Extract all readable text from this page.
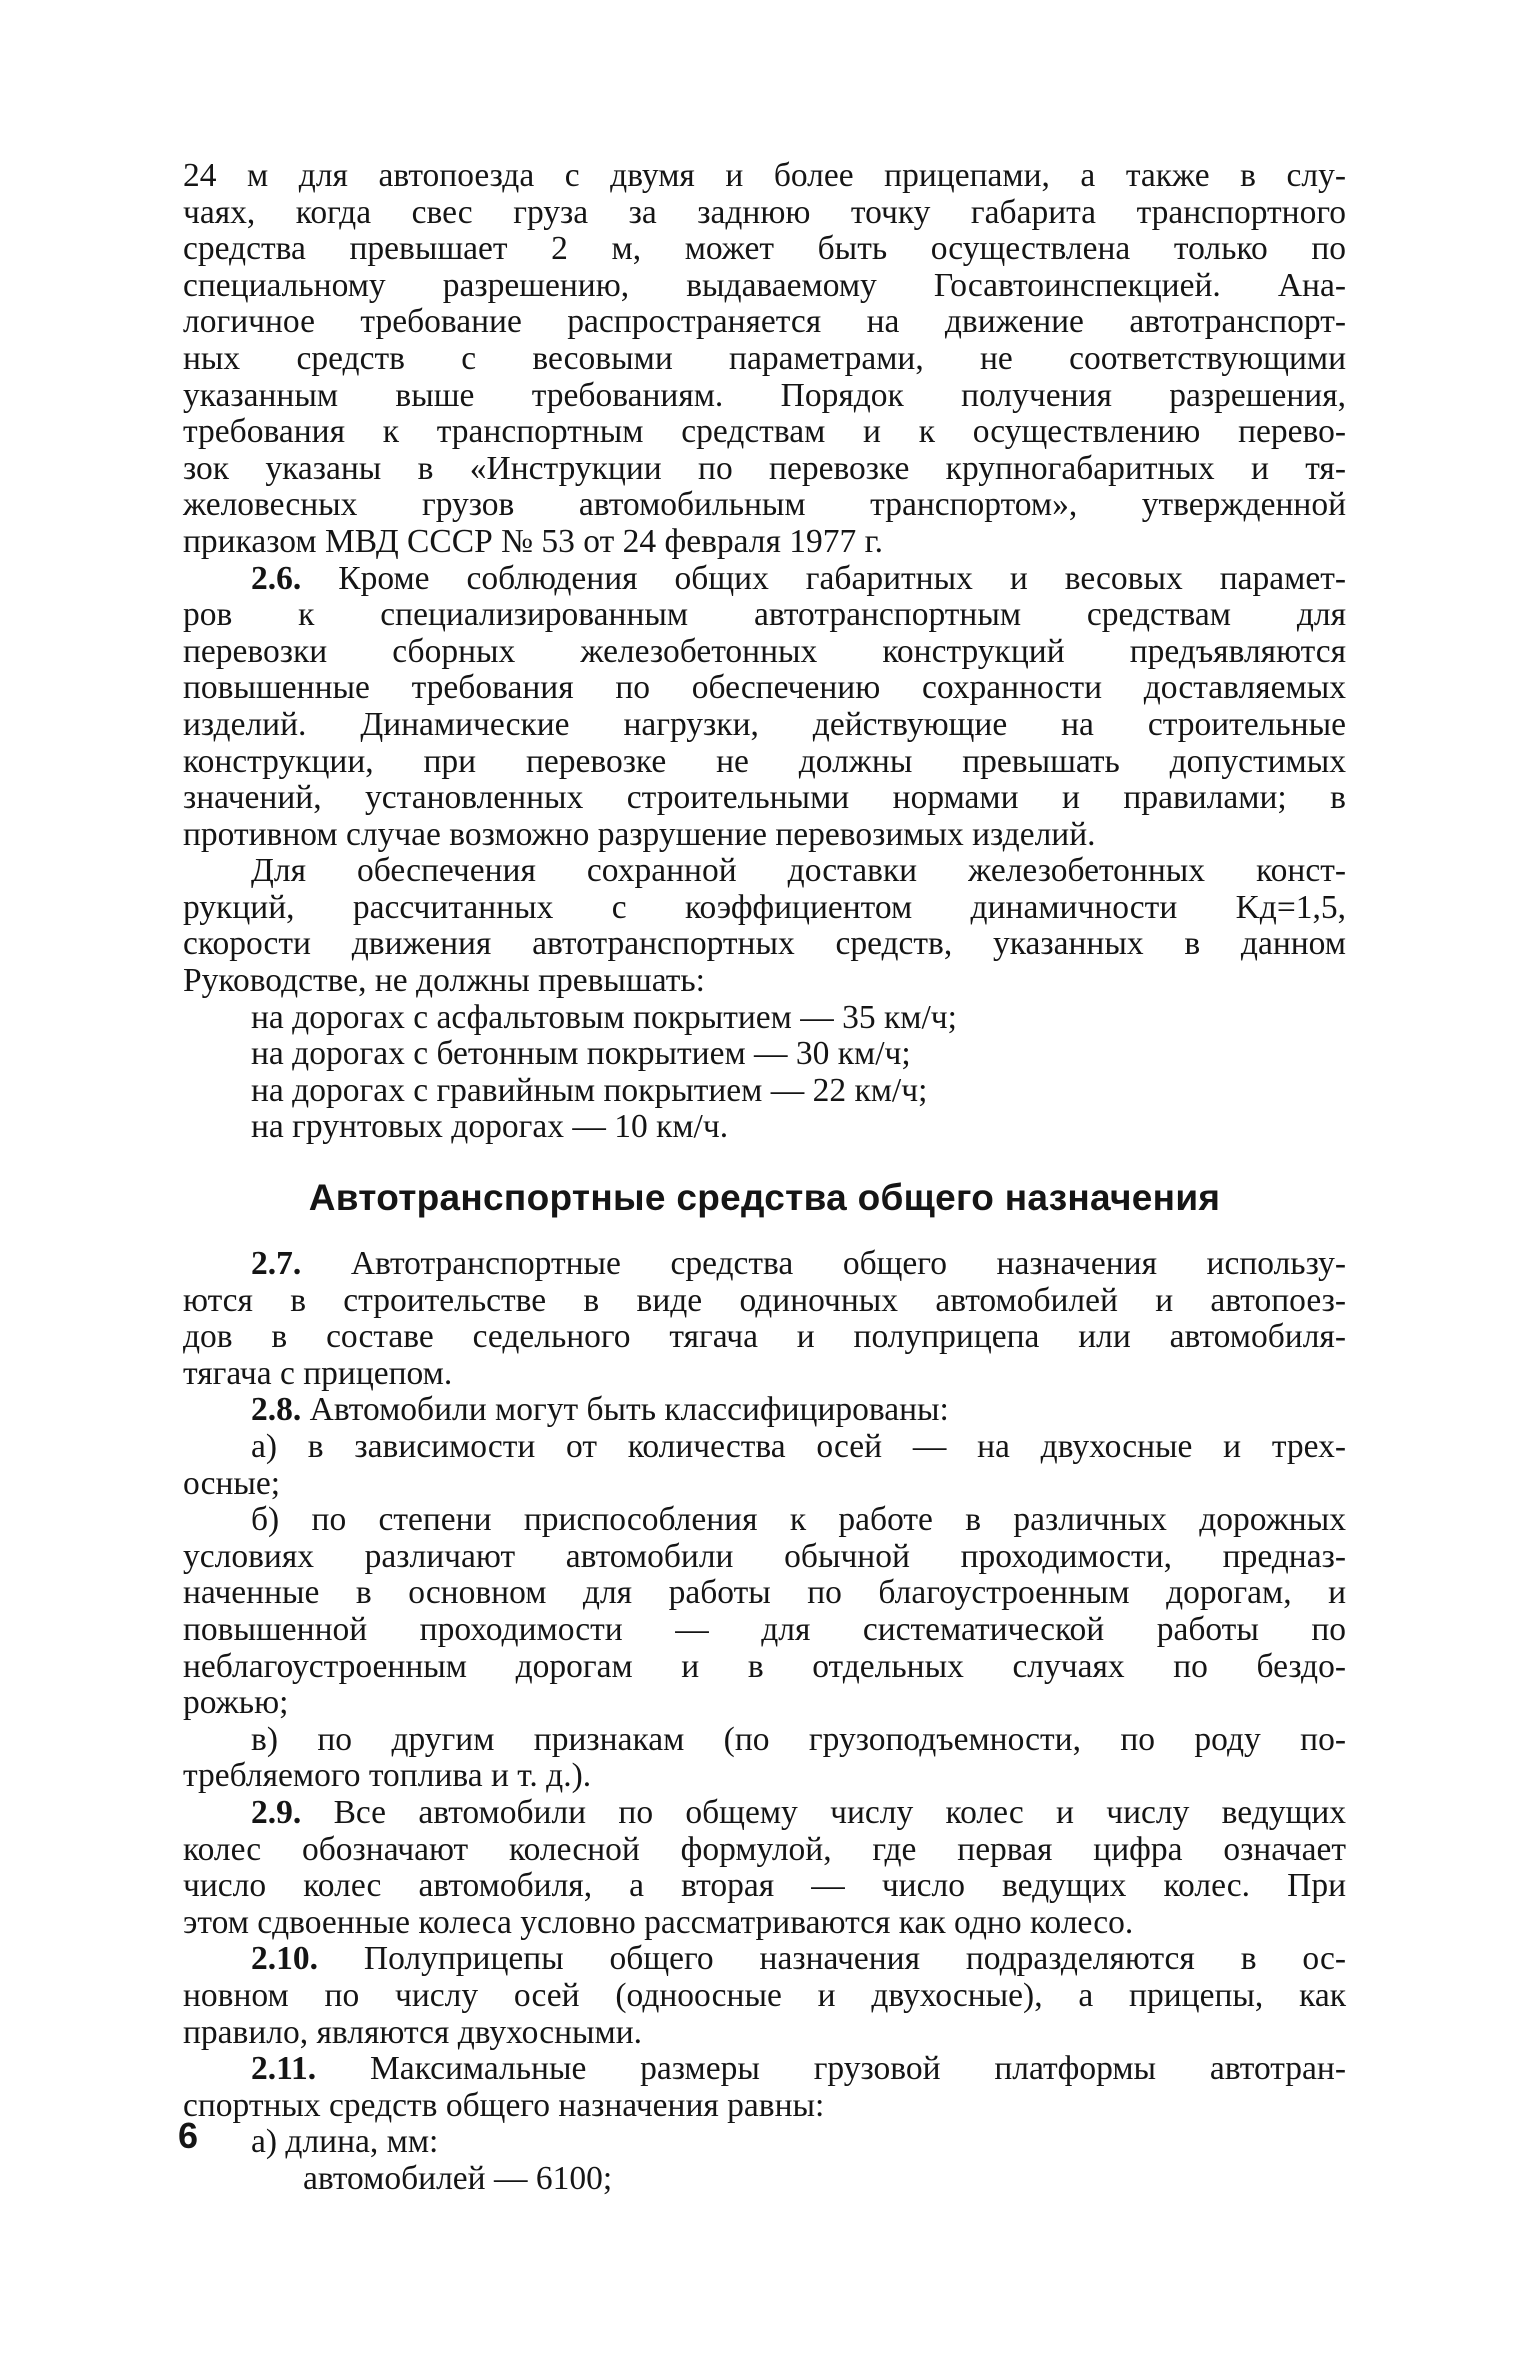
24 м для автопоезда с двумя и более прицепами, а также в слу-

чаях, когда свес груза за заднюю точку габарита транспортного

средства превышает 2 м, может быть осуществлена только по

специальному разрешению, выдаваемому Госавтоинспекцией. Ана-

логичное требование распространяется на движение автотранспорт-

ных средств с весовыми параметрами, не соответствующими

указанным выше требованиям. Порядок получения разрешения,

требования к транспортным средствам и к осуществлению перево-

зок указаны в «Инструкции по перевозке крупногабаритных и тя-

желовесных грузов автомобильным транспортом», утвержденной

приказом МВД СССР № 53 от 24 февраля 1977 г.

2.6. Кроме соблюдения общих габаритных и весовых парамет-

ров к специализированным автотранспортным средствам для

перевозки сборных железобетонных конструкций предъявляются

повышенные требования по обеспечению сохранности доставляемых

изделий. Динамические нагрузки, действующие на строительные

конструкции, при перевозке не должны превышать допустимых

значений, установленных строительными нормами и правилами; в

противном случае возможно разрушение перевозимых изделий.

Для обеспечения сохранной доставки железобетонных конст-

рукций, рассчитанных с коэффициентом динамичности Kд=1,5,

скорости движения автотранспортных средств, указанных в данном

Руководстве, не должны превышать:

на дорогах с асфальтовым покрытием — 35 км/ч;

на дорогах с бетонным покрытием — 30 км/ч;

на дорогах с гравийным покрытием — 22 км/ч;

на грунтовых дорогах — 10 км/ч.

Автотранспортные средства общего назначения

2.7. Автотранспортные средства общего назначения использу-

ются в строительстве в виде одиночных автомобилей и автопоез-

дов в составе седельного тягача и полуприцепа или автомобиля-

тягача с прицепом.

2.8. Автомобили могут быть классифицированы:

а) в зависимости от количества осей — на двухосные и трех-

осные;

б) по степени приспособления к работе в различных дорожных

условиях различают автомобили обычной проходимости, предназ-

наченные в основном для работы по благоустроенным дорогам, и

повышенной проходимости — для систематической работы по

неблагоустроенным дорогам и в отдельных случаях по бездо-

рожью;

в) по другим признакам (по грузоподъемности, по роду по-

требляемого топлива и т. д.).

2.9. Все автомобили по общему числу колес и числу ведущих

колес обозначают колесной формулой, где первая цифра означает

число колес автомобиля, а вторая — число ведущих колес. При

этом сдвоенные колеса условно рассматриваются как одно колесо.

2.10. Полуприцепы общего назначения подразделяются в ос-

новном по числу осей (одноосные и двухосные), а прицепы, как

правило, являются двухосными.

2.11. Максимальные размеры грузовой платформы автотран-

спортных средств общего назначения равны:

а) длина, мм:

автомобилей — 6100;

6
